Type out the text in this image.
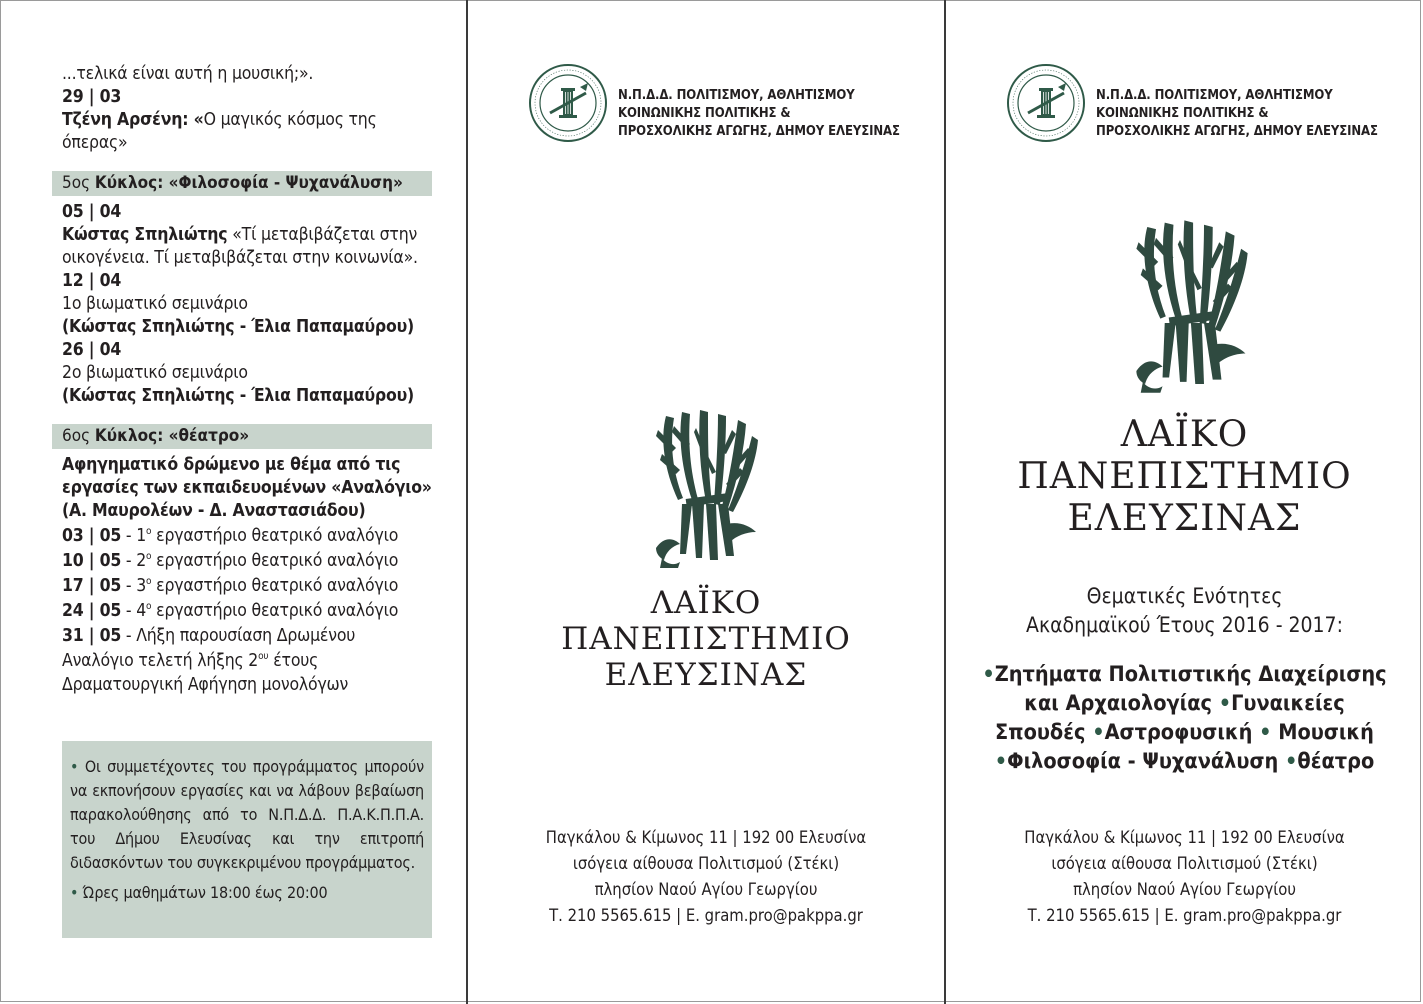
...τελικά είναι αυτή η μουσική;».
29 | 03
Τζένη Αρσένη: «Ο μαγικός κόσμος της
όπερας»
5ος Κύκλος: «Φιλοσοφία - Ψυχανάλυση»
05 | 04
Κώστας Σπηλιώτης «Τί μεταβιβάζεται στην
οικογένεια. Τί μεταβιβάζεται στην κοινωνία».
12 | 04
1ο βιωματικό σεμινάριο
(Κώστας Σπηλιώτης - Έλια Παπαμαύρου)
26 | 04
2ο βιωματικό σεμινάριο
(Κώστας Σπηλιώτης - Έλια Παπαμαύρου)
6ος Κύκλος: «θέατρο»
Αφηγηματικό δρώμενο με θέμα από τις
εργασίες των εκπαιδευομένων «Αναλόγιο»
(Α. Μαυρολέων - Δ. Αναστασιάδου)
03 | $05 - 1^o$ εργαστήριο θεατρικό αναλόγιο
10 | $05 - 2^o$ εργαστήριο θεατρικό αναλόγιο
17 | $05 - 3^o$ εργαστήριο θεατρικό αναλόγιο
24 | $05 - 4^o$ εργαστήριο θεατρικό αναλόγιο
31 | 05 - Λήξη παρουσίαση Δρωμένου
Αναλόγιο τελετή λήξης $2^{o\upsilon}$ έτους
Δραματουργική Αφήγηση μονολόγων

• Οι συμμετέχοντες του προγράμματος μπορούν να εκπονήσουν εργασίες και να λάβουν βεβαίωση παρακολούθησης από το Ν.Π.Δ.Δ. Π.Α.Κ.Π.Π.Α. του Δήμου Ελευσίνας και την επιτροπή διδασκόντων του συγκεκριμένου προγράμματος.

• Ώρες μαθημάτων 18:00 έως 20:00

Ν.Π.Δ.Δ. ΠΟΛΙΤΙΣΜΟΥ, ΑΘΛΗΤΙΣΜΟΥ
ΚΟΙΝΩΝΙΚΗΣ ΠΟΛΙΤΙΚΗΣ &
ΠΡΟΣΧΟΛΙΚΗΣ ΑΓΩΓΗΣ, ΔΗΜΟΥ ΕΛΕΥΣΙΝΑΣ
ΛΑΪΚΟ
ΠΑΝΕΠΙΣΤΗΜΙΟ
ΕΛΕΥΣΙΝΑΣ
Παγκάλου & Κίμωνος 11 | 192 00 Ελευσίνα
ισόγεια αίθουσα Πολιτισμού (Στέκι)
πλησίον Ναού Αγίου Γεωργίου
Τ. 210 5565.615 | Ε. gram.pro@pakppa.gr
Ν.Π.Δ.Δ. ΠΟΛΙΤΙΣΜΟΥ, ΑΘΛΗΤΙΣΜΟΥ
ΚΟΙΝΩΝΙΚΗΣ ΠΟΛΙΤΙΚΗΣ &
ΠΡΟΣΧΟΛΙΚΗΣ ΑΓΩΓΗΣ, ΔΗΜΟΥ ΕΛΕΥΣΙΝΑΣ
ΛΑΪΚΟ
ΠΑΝΕΠΙΣΤΗΜΙΟ
ΕΛΕΥΣΙΝΑΣ
Θεματικές Ενότητες
Ακαδημαϊκού Έτους 2016 - 2017:
•Ζητήματα Πολιτιστικής Διαχείρισης
και Αρχαιολογίας •Γυναικείες
Σπουδές •Αστροφυσική • Μουσική
•Φιλοσοφία - Ψυχανάλυση •θέατρο
Παγκάλου & Κίμωνος 11 | 192 00 Ελευσίνα
ισόγεια αίθουσα Πολιτισμού (Στέκι)
πλησίον Ναού Αγίου Γεωργίου
Τ. 210 5565.615 | Ε. gram.pro@pakppa.gr
